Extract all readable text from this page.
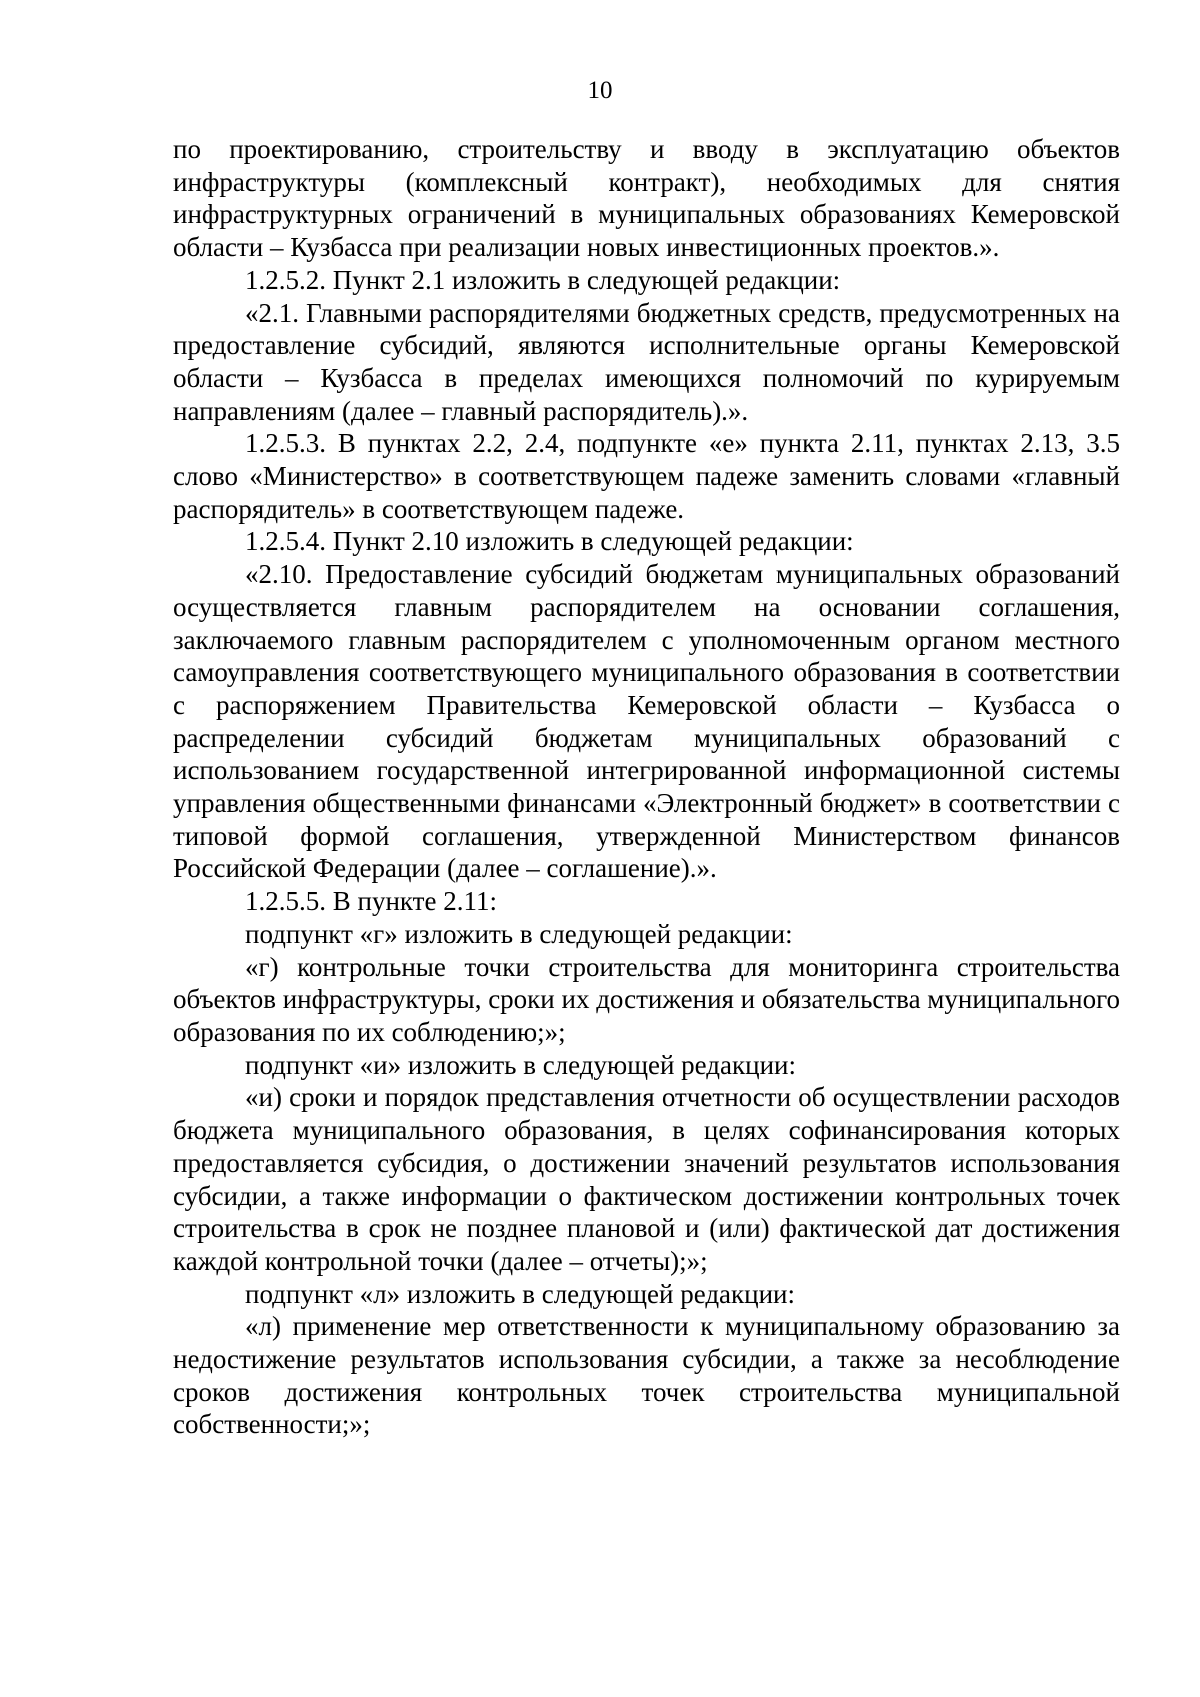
10

по проектированию, строительству и вводу в эксплуатацию объектов инфраструктуры (комплексный контракт), необходимых для снятия инфраструктурных ограничений в муниципальных образованиях Кемеровской области – Кузбасса при реализации новых инвестиционных проектов.».

1.2.5.2. Пункт 2.1 изложить в следующей редакции:

«2.1. Главными распорядителями бюджетных средств, предусмотренных на предоставление субсидий, являются исполнительные органы Кемеровской области – Кузбасса в пределах имеющихся полномочий по курируемым направлениям (далее – главный распорядитель).».

1.2.5.3. В пунктах 2.2, 2.4, подпункте «е» пункта 2.11, пунктах 2.13, 3.5 слово «Министерство» в соответствующем падеже заменить словами «главный распорядитель» в соответствующем падеже.

1.2.5.4. Пункт 2.10 изложить в следующей редакции:

«2.10. Предоставление субсидий бюджетам муниципальных образований осуществляется главным распорядителем на основании соглашения, заключаемого главным распорядителем с уполномоченным органом местного самоуправления соответствующего муниципального образования в соответствии с распоряжением Правительства Кемеровской области – Кузбасса о распределении субсидий бюджетам муниципальных образований с использованием государственной интегрированной информационной системы управления общественными финансами «Электронный бюджет» в соответствии с типовой формой соглашения, утвержденной Министерством финансов Российской Федерации (далее – соглашение).».

1.2.5.5. В пункте 2.11:

подпункт «г» изложить в следующей редакции:

«г) контрольные точки строительства для мониторинга строительства объектов инфраструктуры, сроки их достижения и обязательства муниципального образования по их соблюдению;»;

подпункт «и» изложить в следующей редакции:

«и) сроки и порядок представления отчетности об осуществлении расходов бюджета муниципального образования, в целях софинансирования которых предоставляется субсидия, о достижении значений результатов использования субсидии, а также информации о фактическом достижении контрольных точек строительства в срок не позднее плановой и (или) фактической дат достижения каждой контрольной точки (далее – отчеты);»;

подпункт «л» изложить в следующей редакции:

«л) применение мер ответственности к муниципальному образованию за недостижение результатов использования субсидии, а также за несоблюдение сроков достижения контрольных точек строительства муниципальной собственности;»;
